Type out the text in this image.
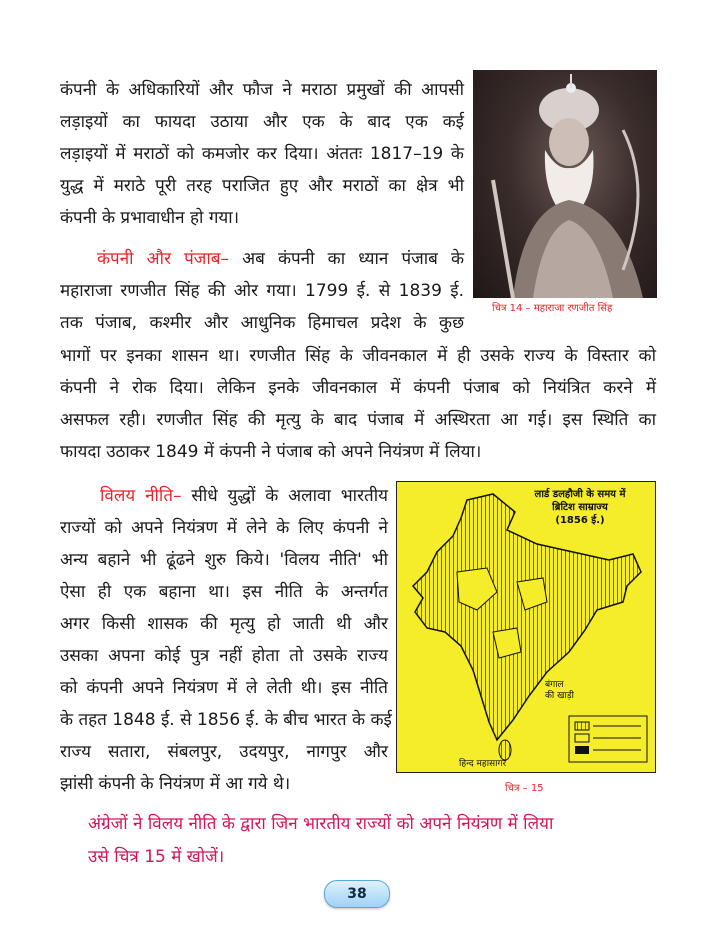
कंपनी के अधिकारियों और फौज ने मराठा प्रमुखों की आपसी
लड़ाइयों का फायदा उठाया और एक के बाद एक कई
लड़ाइयों में मराठों को कमजोर कर दिया। अंततः 1817–19 के
युद्ध में मराठे पूरी तरह पराजित हुए और मराठों का क्षेत्र भी
कंपनी के प्रभावाधीन हो गया।
कंपनी और पंजाब– अब कंपनी का ध्यान पंजाब के
महाराजा रणजीत सिंह की ओर गया। 1799 ई. से 1839 ई.
तक पंजाब, कश्मीर और आधुनिक हिमाचल प्रदेश के कुछ
भागों पर इनका शासन था। रणजीत सिंह के जीवनकाल में ही उसके राज्य के विस्तार को
कंपनी ने रोक दिया। लेकिन इनके जीवनकाल में कंपनी पंजाब को नियंत्रित करने में
असफल रही। रणजीत सिंह की मृत्यु के बाद पंजाब में अस्थिरता आ गई। इस स्थिति का
फायदा उठाकर 1849 में कंपनी ने पंजाब को अपने नियंत्रण में लिया।
विलय नीति– सीधे युद्धों के अलावा भारतीय
राज्यों को अपने नियंत्रण में लेने के लिए कंपनी ने
अन्य बहाने भी ढूंढने शुरु किये। 'विलय नीति' भी
ऐसा ही एक बहाना था। इस नीति के अन्तर्गत
अगर किसी शासक की मृत्यु हो जाती थी और
उसका अपना कोई पुत्र नहीं होता तो उसके राज्य
को कंपनी अपने नियंत्रण में ले लेती थी। इस नीति
के तहत 1848 ई. से 1856 ई. के बीच भारत के कई
राज्य सतारा, संबलपुर, उदयपुर, नागपुर और
झांसी कंपनी के नियंत्रण में आ गये थे।
अंग्रेजों ने विलय नीति के द्वारा जिन भारतीय राज्यों को अपने नियंत्रण में लिया
उसे चित्र 15 में खोजें।
चित्र 14 – महाराजा रणजीत सिंह
लार्ड डलहौजी के समय में
ब्रिटिश साम्राज्य
(1856 ई.)
बंगाल
की खाड़ी
हिन्द महासागर
चित्र – 15
38
